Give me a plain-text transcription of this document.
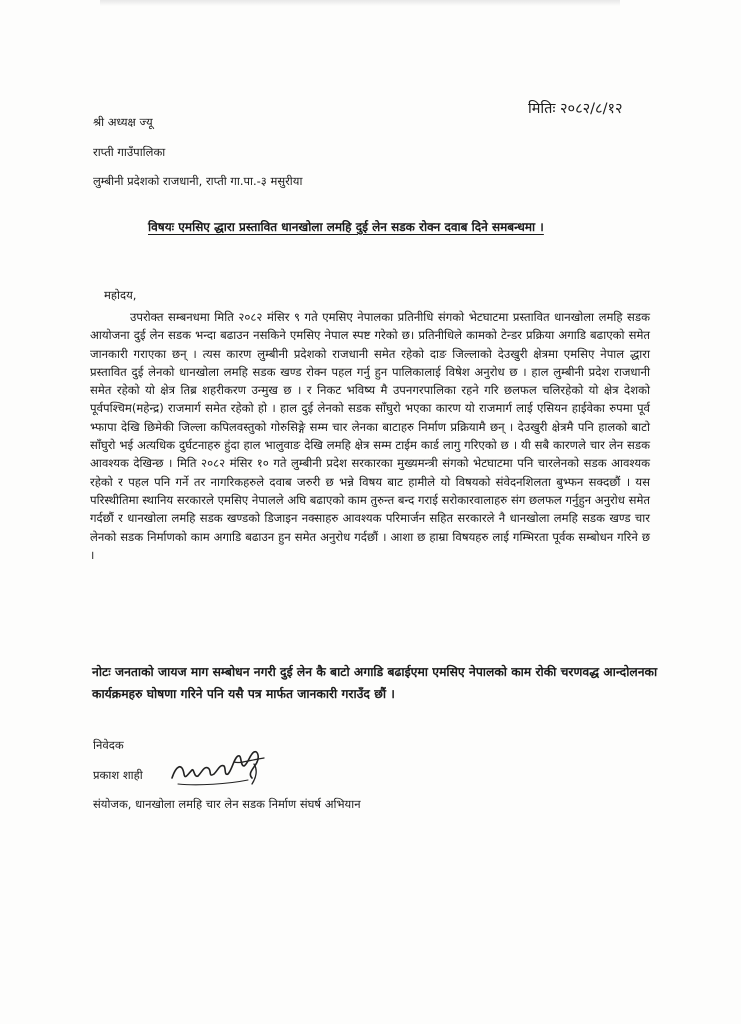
मितिः २०८२/८/१२
श्री अध्यक्ष ज्यू
राप्ती गाउँपालिका
लुम्बीनी प्रदेशको राजधानी, राप्ती गा.पा.-३ मसुरीया
विषयः एमसिए द्धारा प्रस्तावित धानखोला लमहि दुई लेन सडक रोक्न दवाब दिने समबन्धमा ।
महोदय,
उपरोक्त सम्बनधमा मिति २०८२ मंसिर ९ गते एमसिए नेपालका प्रतिनीधि संगको भेटघाटमा प्रस्तावित धानखोला लमहि सडक आयोजना दुई लेन सडक भन्दा बढाउन नसकिने एमसिए नेपाल स्पष्ट गरेको छ। प्रतिनीधिले कामको टेन्डर प्रक्रिया अगाडि बढाएको समेत जानकारी गराएका छन् । त्यस कारण लुम्बीनी प्रदेशको राजधानी समेत रहेको दाङ जिल्लाको देउखुरी क्षेत्रमा एमसिए नेपाल द्धारा प्रस्तावित दुई लेनको धानखोला लमहि सडक खण्ड रोक्न पहल गर्नु हुन पालिकालाई विषेश अनुरोध छ । हाल लुम्बीनी प्रदेश राजधानी समेत रहेको यो क्षेत्र तिब्र शहरीकरण उन्मुख छ । र निकट भविष्य मै उपनगरपालिका रहने गरि छलफल चलिरहेको यो क्षेत्र देशको पूर्वपश्चिम(महेन्द्र) राजमार्ग समेत रहेको हो । हाल दुई लेनको सडक साँघुरो भएका कारण यो राजमार्ग लाई एसियन हाईवेका रुपमा पूर्व भ्फापा देखि छिमेकी जिल्ला कपिलवस्तुको गोरुसिङ्गे सम्म चार लेनका बाटाहरु निर्माण प्रक्रियामै छन् । देउखुरी क्षेत्रमै पनि हालको बाटो साँघुरो भई अत्यधिक दुर्घटनाहरु हुंदा हाल भालुवाङ देखि लमहि क्षेत्र सम्म टाईम कार्ड लागु गरिएको छ । यी सबै कारणले चार लेन सडक आवश्यक देखिन्छ । मिति २०८२ मंसिर १० गते लुम्बीनी प्रदेश सरकारका मुख्यमन्त्री संगको भेटघाटमा पनि चारलेनको सडक आवश्यक रहेको र पहल पनि गर्ने तर नागरिकहरुले दवाब जरुरी छ भन्ने विषय बाट हामीले यो विषयको संवेदनशिलता बुभ्फन सक्दछौं । यस परिस्थीतिमा स्थानिय सरकारले एमसिए नेपालले अघि बढाएको काम तुरुन्त बन्द गराई सरोकारवालाहरु संग छलफल गर्नुहुन अनुरोध समेत गर्दछौं र धानखोला लमहि सडक खण्डको डिजाइन नक्साहरु आवश्यक परिमार्जन सहित सरकारले नै धानखोला लमहि सडक खण्ड चार लेनको सडक निर्माणको काम अगाडि बढाउन हुन समेत अनुरोध गर्दछौं । आशा छ हाम्रा विषयहरु लाई गम्भिरता पूर्वक सम्बोधन गरिने छ ।
नोटः जनताको जायज माग सम्बोधन नगरी दुई लेन कै बाटो अगाडि बढाईएमा एमसिए नेपालको काम रोकी चरणवद्ध आन्दोलनका कार्यक्रमहरु घोषणा गरिने पनि यसै पत्र मार्फत जानकारी गराउँद छौं ।
निवेदक
प्रकाश शाही
संयोजक, धानखोला लमहि चार लेन सडक निर्माण संघर्ष अभियान
